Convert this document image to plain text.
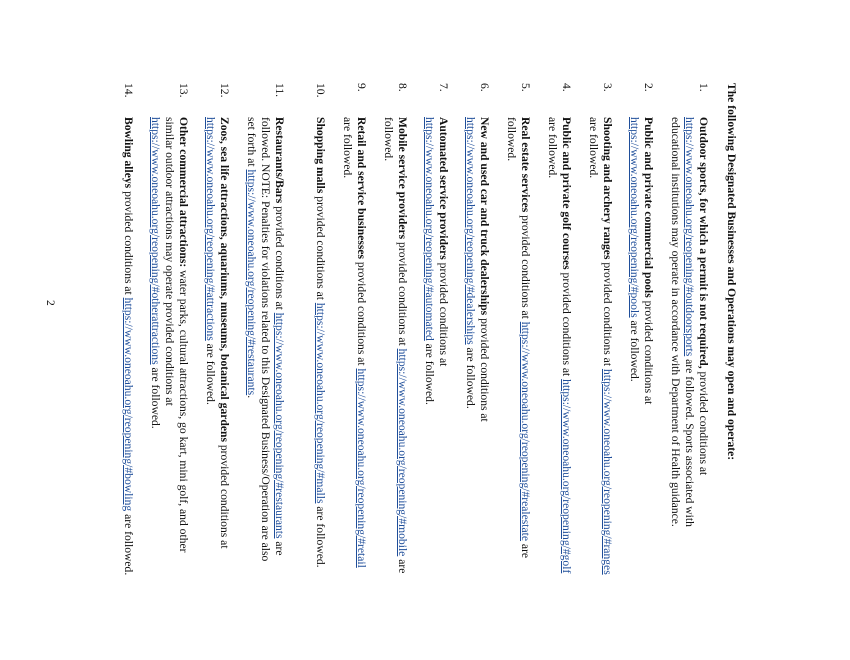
The following Designated Businesses and Operations may open and operate:
1.
Outdoor sports, for which a permit is not required, provided conditions at https://www.oneoahu.org/reopening/#outdoorsports are followed. Sports associated with educational institutions may operate in accordance with Department of Health guidance.
2.
Public and private commercial pools provided conditions at https://www.oneoahu.org/reopening/#pools are followed.
3.
Shooting and archery ranges provided conditions at https://www.oneoahu.org/reopening/#ranges are followed.
4.
Public and private golf courses provided conditions at https://www.oneoahu.org/reopening/#golf are followed.
5.
Real estate services provided conditions at https://www.oneoahu.org/reopening/#realestate are followed.
6.
New and used car and truck dealerships provided conditions at https://www.oneoahu.org/reopening/#dealerships are followed.
7.
Automated service providers provided conditions at https://www.oneoahu.org/reopening/#automated are followed.
8.
Mobile service providers provided conditions at https://www.oneoahu.org/reopening/#mobile are followed.
9.
Retail and service businesses provided conditions at https://www.oneoahu.org/reopening/#retail are followed.
10.
Shopping malls provided conditions at https://www.oneoahu.org/reopening/#malls are followed.
11.
Restaurants/Bars provided conditions at https://www.oneoahu.org/reopening/#restaurants are followed. NOTE: Penalties for violations related to this Designated Business/Operation are also set forth at https://www.oneoahu.org/reopening/#restaurants.
12.
Zoos, sea life attractions, aquariums, museums, botanical gardens provided conditions at https://www.oneoahu.org/reopening/#attractions are followed.
13.
Other commercial attractions: water parks, cultural attractions, go kart, mini golf, and other similar outdoor attractions may operate provided conditions at https://www.oneoahu.org/reopening/#otherattractions are followed.
14.
Bowling alleys provided conditions at https://www.oneoahu.org/reopening/#bowling are followed.
2
